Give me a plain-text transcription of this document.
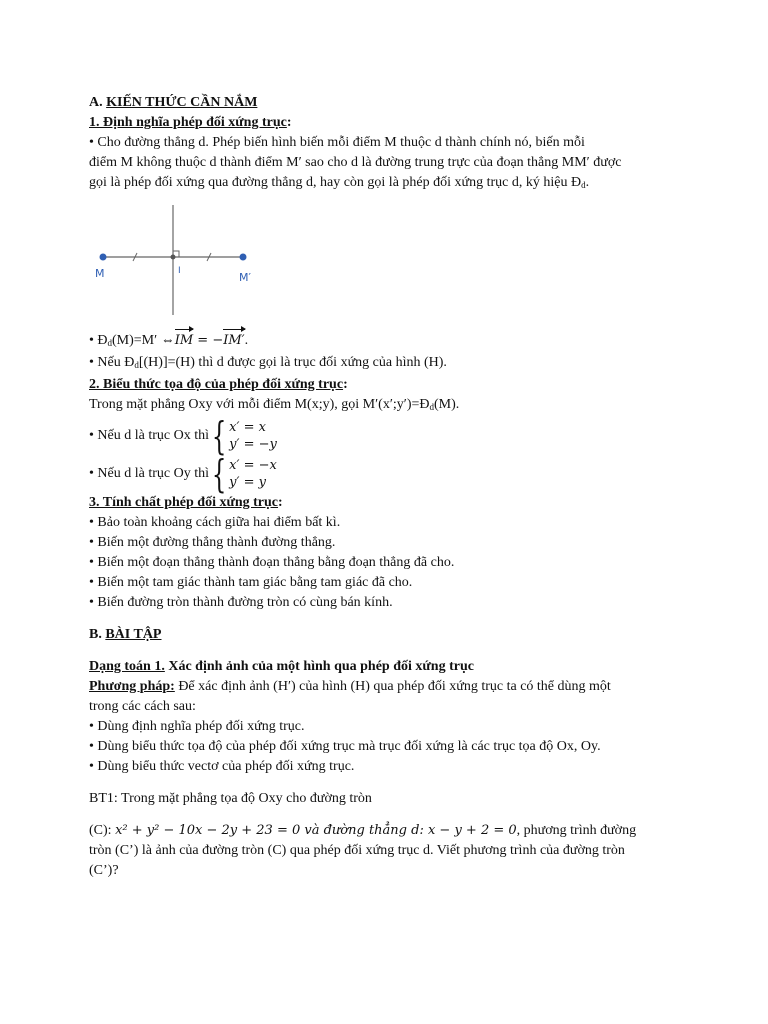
A. KIẾN THỨC CẦN NẮM

1. Định nghĩa phép đối xứng trục:

• Cho đường thẳng d. Phép biến hình biến mỗi điểm M thuộc d thành chính nó, biến mỗi

điểm M không thuộc d thành điểm M′ sao cho d là đường trung trực của đoạn thẳng MM′ được

gọi là phép đối xứng qua đường thẳng d, hay còn gọi là phép đối xứng trục d, ký hiệu $Đ_d$.

M	I	M′

• $Đ_d(M)=M'$ ⇔IM = −IM′.

• Nếu $Đ_d[(H)]=(H)$ thì d được gọi là trục đối xứng của hình (H).

2. Biểu thức tọa độ của phép đối xứng trục:

Trong mặt phẳng Oxy với mỗi điểm M(x;y), gọi $M'(x';y')=Đ_d(M)$.

• Nếu d là trục Ox thì { x′ = x
y′ = −y

• Nếu d là trục Oy thì { x′ = −x
y′ = y

3. Tính chất phép đối xứng trục:

• Bảo toàn khoảng cách giữa hai điểm bất kì.

• Biến một đường thẳng thành đường thẳng.

• Biến một đoạn thẳng thành đoạn thẳng bằng đoạn thẳng đã cho.

• Biến một tam giác thành tam giác bằng tam giác đã cho.

• Biến đường tròn thành đường tròn có cùng bán kính.

B. BÀI TẬP

Dạng toán 1. Xác định ảnh của một hình qua phép đối xứng trục

Phương pháp: Để xác định ảnh (H′) của hình (H) qua phép đối xứng trục ta có thể dùng một

trong các cách sau:

• Dùng định nghĩa phép đối xứng trục.

• Dùng biểu thức tọa độ của phép đối xứng trục mà trục đối xứng là các trục tọa độ Ox, Oy.

• Dùng biểu thức vectơ của phép đối xứng trục.

BT1: Trong mặt phẳng tọa độ Oxy cho đường tròn

(C): x² + y² − 10x − 2y + 23 = 0 và đường thẳng d: x − y + 2 = 0, phương trình đường

tròn (C’) là ảnh của đường tròn (C) qua phép đối xứng trục d. Viết phương trình của đường tròn

(C’)?
